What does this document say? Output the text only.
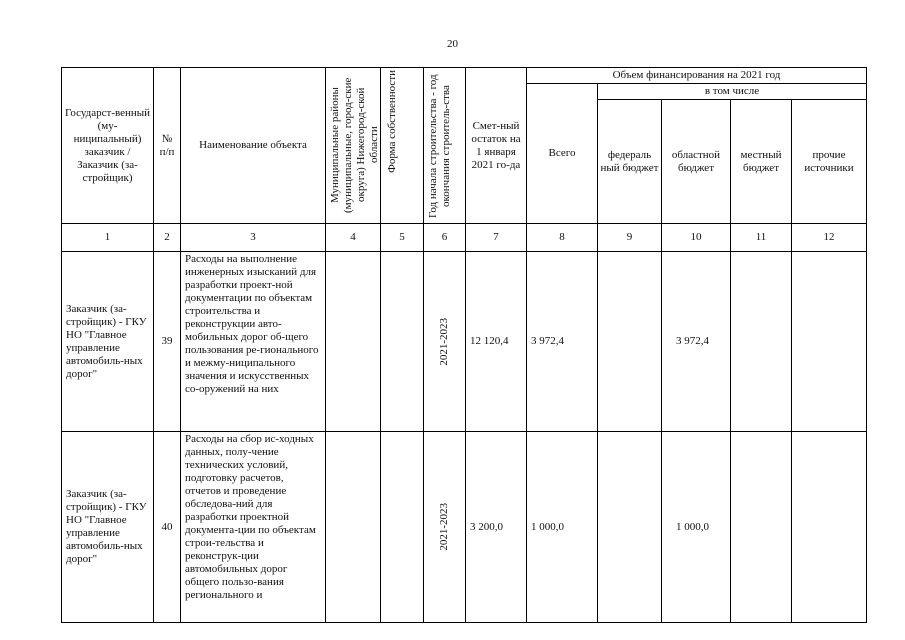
20
Государст-венный (му-ниципальный) заказчик / Заказчик (за-стройщик)	№ п/п	Наименование объекта	Муниципальные районы (муниципальные, город-ские округа) Нижегород-ской области	Форма собственности	Год начала строительства - год окончания строитель-ства	Смет-ный остаток на 1 января 2021 го-да	Объем финансирования на 2021 год				
							Всего	в том числе			
								федераль ный бюджет	областной бюджет	местный бюджет	прочие источники
1	2	3	4	5	6	7	8	9	10	11	12
Заказчик (за-стройщик) - ГКУ НО "Главное управление автомобиль-ных дорог"	39	Расходы на выполнение инженерных изысканий для разработки проект-ной документации по объектам строительства и реконструкции авто-мобильных дорог об-щего пользования ре-гионального и межму-ниципального значения и искусственных со-оружений на них			2021-2023	12 120,4	3 972,4		3 972,4		
Заказчик (за-стройщик) - ГКУ НО "Главное управление автомобиль-ных дорог"	40	Расходы на сбор ис-ходных данных, полу-чение технических условий, подготовку расчетов, отчетов и проведение обследова-ний для разработки проектной документа-ции по объектам строи-тельства и реконструк-ции автомобильных дорог общего пользо-вания регионального и			2021-2023	3 200,0	1 000,0		1 000,0		
